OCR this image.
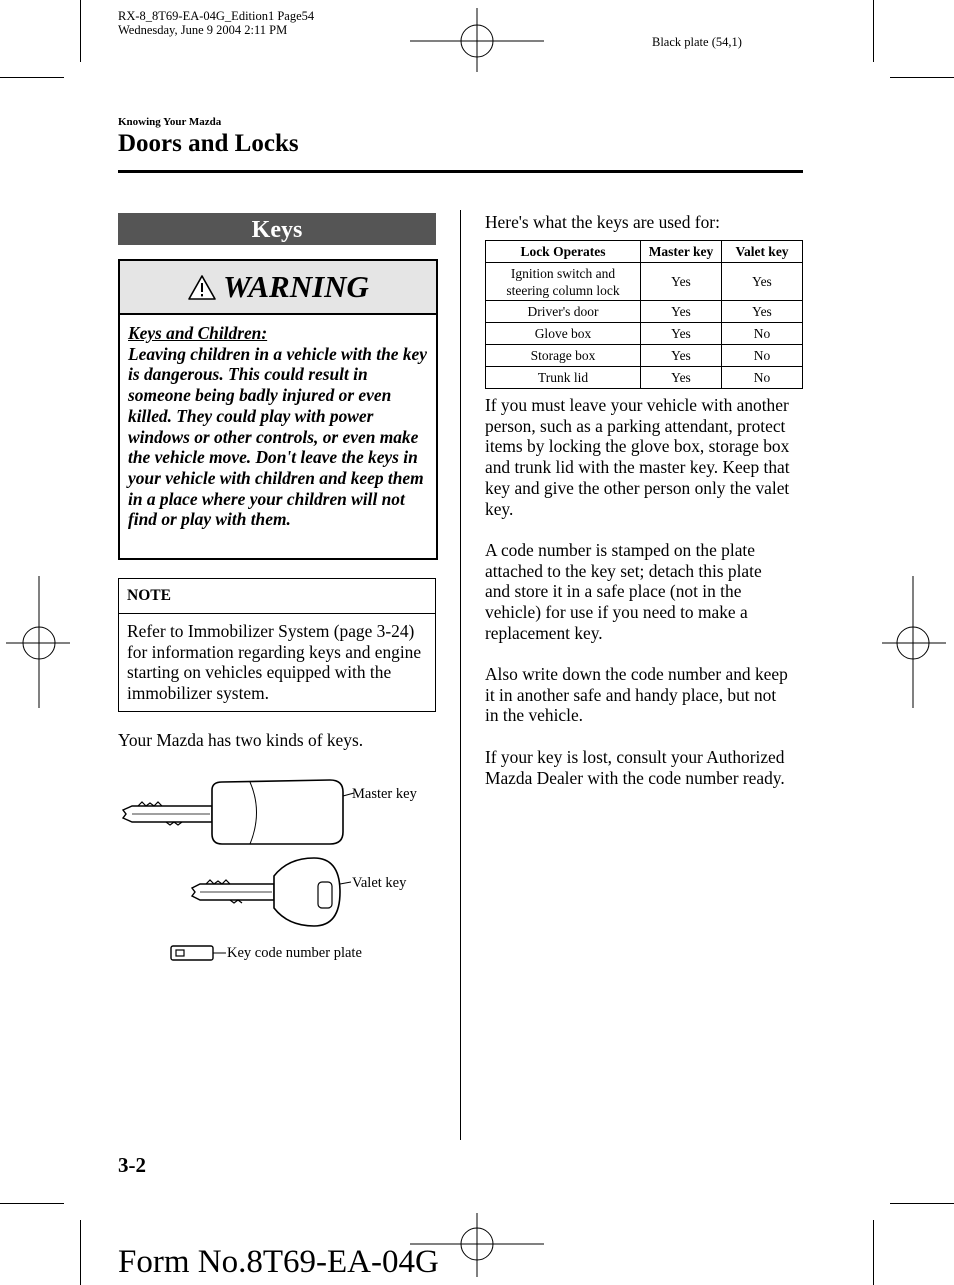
RX-8_8T69-EA-04G_Edition1 Page54
Wednesday, June 9 2004 2:11 PM
Black plate (54,1)
Knowing Your Mazda
Doors and Locks
Keys
WARNING
Keys and Children:
Leaving children in a vehicle with the key is dangerous. This could result in someone being badly injured or even killed. They could play with power windows or other controls, or even make the vehicle move. Don't leave the keys in your vehicle with children and keep them in a place where your children will not find or play with them.
NOTE
Refer to Immobilizer System (page 3-24) for information regarding keys and engine starting on vehicles equipped with the immobilizer system.
Your Mazda has two kinds of keys.
Master key
Valet key
Key code number plate
Here's what the keys are used for:
Lock Operates	Master key	Valet key
Ignition switch and
steering column lock	Yes	Yes
Driver's door	Yes	Yes
Glove box	Yes	No
Storage box	Yes	No
Trunk lid	Yes	No
If you must leave your vehicle with another person, such as a parking attendant, protect items by locking the glove box, storage box and trunk lid with the master key. Keep that key and give the other person only the valet key.
A code number is stamped on the plate attached to the key set; detach this plate and store it in a safe place (not in the vehicle) for use if you need to make a replacement key.
Also write down the code number and keep it in another safe and handy place, but not in the vehicle.
If your key is lost, consult your Authorized Mazda Dealer with the code number ready.
3-2
Form No.8T69-EA-04G
